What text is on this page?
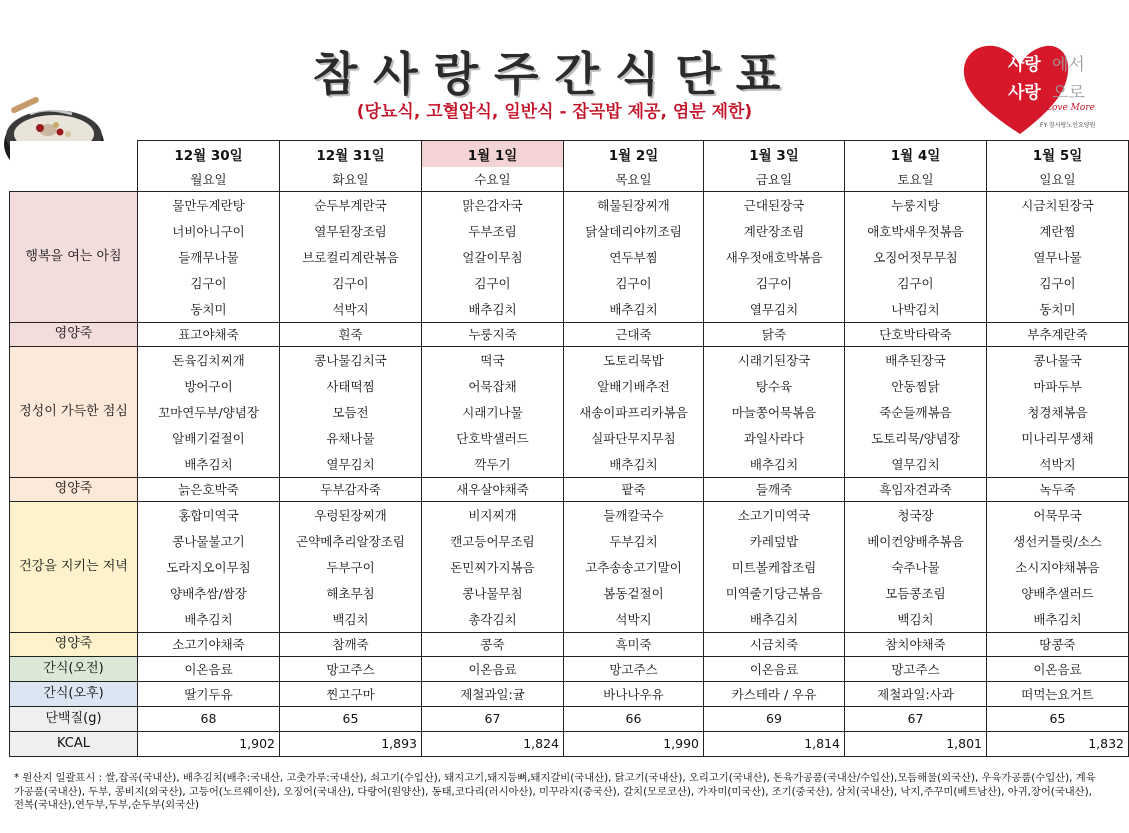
참사랑주간식단표
(당뇨식, 고혈압식, 일반식 - 잡곡밥 제공, 염분 제한)
사랑 에서
사랑 으로
Love More
FY 참사랑노인요양원
	12월 30일	12월 31일	1월 1일	1월 2일	1월 3일	1월 4일	1월 5일
	월요일	화요일	수요일	목요일	금요일	토요일	일요일
행복을 여는 아침	물만두계란탕	순두부계란국	맑은감자국	해물된장찌개	근대된장국	누룽지탕	시금치된장국
	너비아니구이	열무된장조림	두부조림	닭살데리야끼조림	계란장조림	애호박새우젓볶음	계란찜
	들깨무나물	브로컬리계란볶음	얼갈이무침	연두부찜	새우젓애호박볶음	오징어젓무무침	열무나물
	김구이	김구이	김구이	김구이	김구이	김구이	김구이
	동치미	석박지	배추김치	배추김치	열무김치	나박김치	동치미
영양죽	표고야채죽	흰죽	누룽지죽	근대죽	닭죽	단호박타락죽	부추계란죽
정성이 가득한 점심	돈육김치찌개	콩나물김치국	떡국	도토리묵밥	시래기된장국	배추된장국	콩나물국
	방어구이	사태떡찜	어묵잡채	알배기배추전	탕수육	안동찜닭	마파두부
	꼬마연두부/양념장	모듬전	시래기나물	새송이파프리카볶음	마늘쫑어묵볶음	죽순들깨볶음	청경채볶음
	알배기겉절이	유채나물	단호박샐러드	실파단무지무침	과일사라다	도토리묵/양념장	미나리무생채
	배추김치	열무김치	깍두기	배추김치	배추김치	열무김치	석박지
영양죽	늙은호박죽	두부감자죽	새우살야채죽	팥죽	들깨죽	흑임자견과죽	녹두죽
건강을 지키는 저녁	홍합미역국	우렁된장찌개	비지찌개	들깨칼국수	소고기미역국	청국장	어묵무국
	콩나물불고기	곤약메추리알장조림	캔고등어무조림	두부김치	카레덮밥	베이컨양배추볶음	생선커틀릿/소스
	도라지오이무침	두부구이	돈민찌가지볶음	고추송송고기말이	미트볼케찹조림	숙주나물	소시지야채볶음
	양배추쌈/쌈장	해초무침	콩나물무침	봄동겉절이	미역줄기당근볶음	모듬콩조림	양배추샐러드
	배추김치	백김치	총각김치	석박지	배추김치	백김치	배추김치
영양죽	소고기야채죽	참깨죽	콩죽	흑미죽	시금치죽	참치야채죽	땅콩죽
간식(오전)	이온음료	망고주스	이온음료	망고주스	이온음료	망고주스	이온음료
간식(오후)	딸기두유	찐고구마	제철과일:귤	바나나우유	카스테라 / 우유	제철과일:사과	떠먹는요거트
단백질(g)	68	65	67	66	69	67	65
KCAL	1,902	1,893	1,824	1,990	1,814	1,801	1,832
* 원산지 일괄표시 : 쌀,잡곡(국내산), 배추김치(배추:국내산, 고춧가루:국내산), 쇠고기(수입산), 돼지고기,돼지등뼈,돼지갈비(국내산), 닭고기(국내산), 오리고기(국내산), 돈육가공품(국내산/수입산),모듬해물(외국산), 우육가공품(수입산), 계육가공품(국내산), 두부, 콩비지(외국산), 고등어(노르웨이산), 오징어(국내산), 다랑어(원양산), 동태,코다리(러시아산), 미꾸라지(중국산), 갈치(모로코산), 가자미(미국산), 조기(중국산), 삼치(국내산), 낙지,주꾸미(베트남산), 아귀,장어(국내산), 전복(국내산),연두부,두부,순두부(외국산)
